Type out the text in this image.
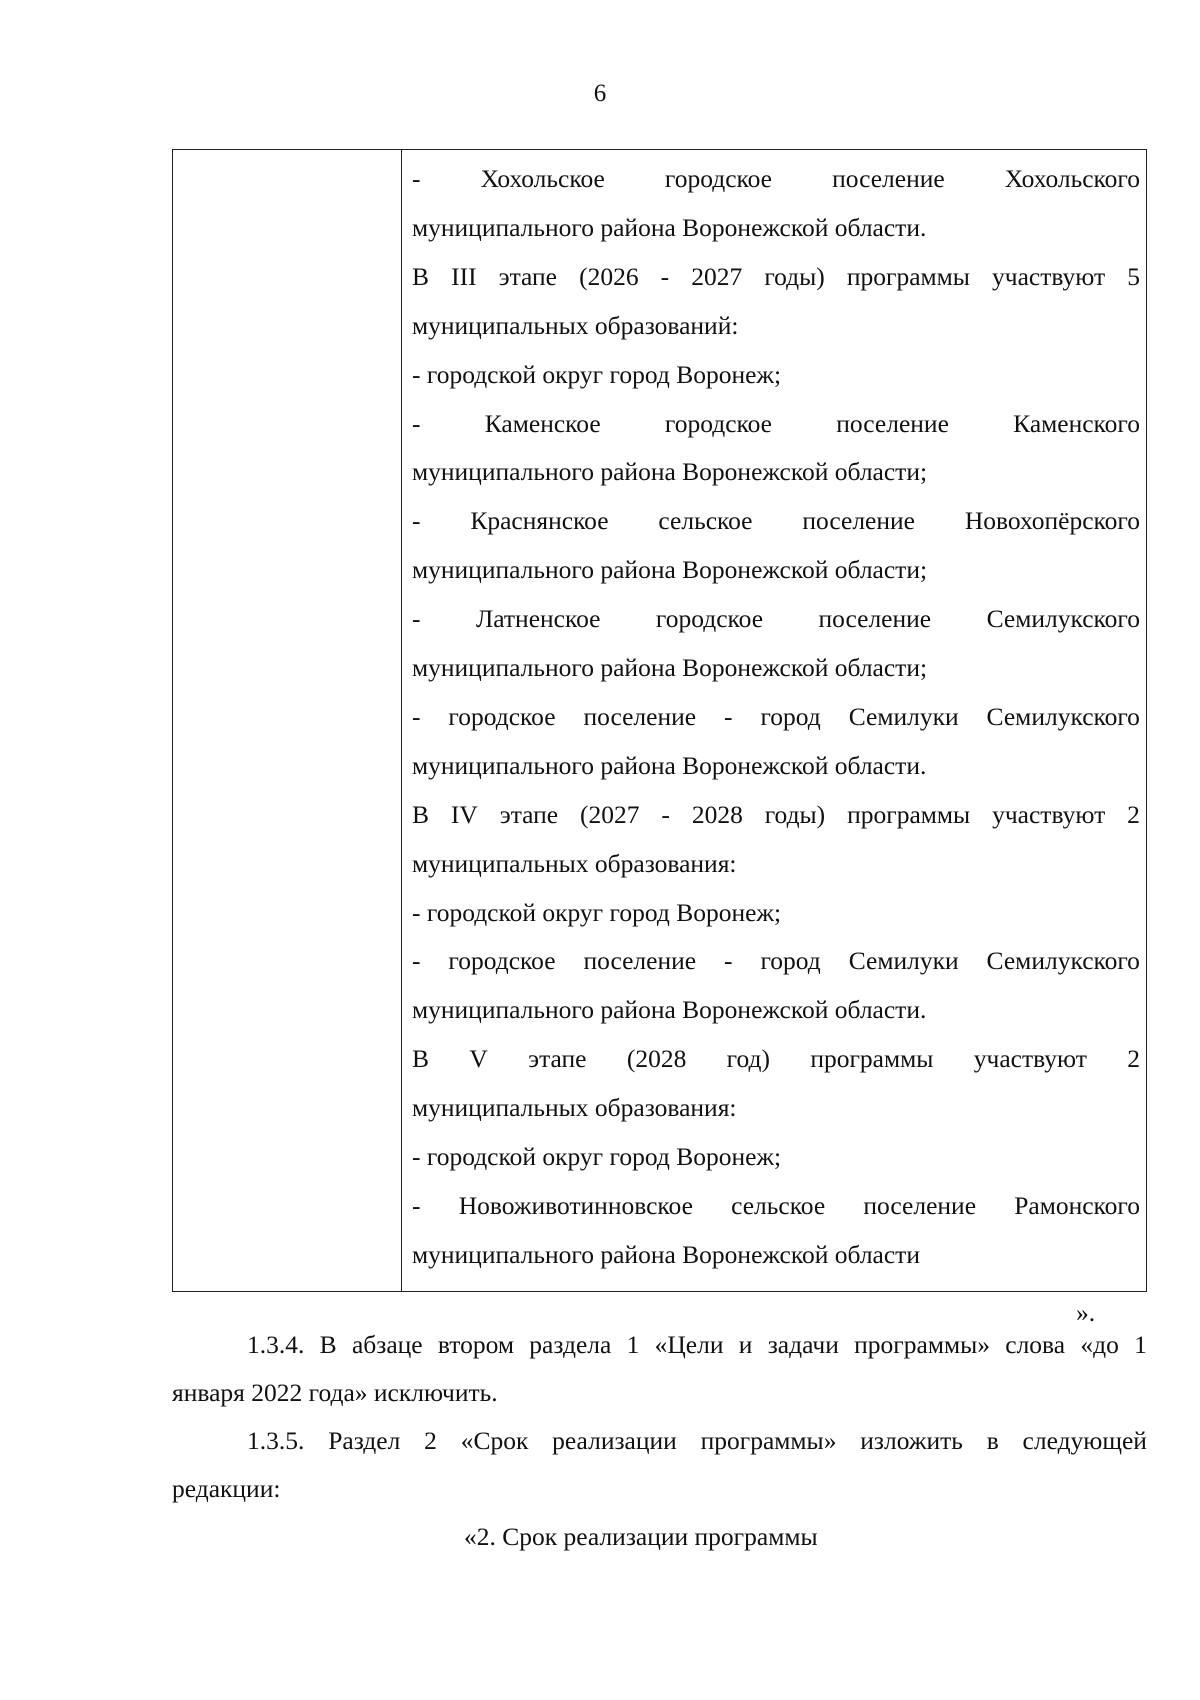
6
- Хохольское городское поселение Хохольского
муниципального района Воронежской области.
В III этапе (2026 - 2027 годы) программы участвуют 5
муниципальных образований:
- городской округ город Воронеж;
-	Каменское	городское	поселение	Каменского
муниципального района Воронежской области;
- Краснянское сельское поселение Новохопёрского
муниципального района Воронежской области;
- Латненское городское поселение Семилукского
муниципального района Воронежской области;
- городское поселение - город Семилуки Семилукского
муниципального района Воронежской области.
В IV этапе (2027 - 2028 годы) программы участвуют 2
муниципальных образования:
- городской округ город Воронеж;
- городское поселение - город Семилуки Семилукского
муниципального района Воронежской области.
В V этапе (2028 год) программы участвуют 2
муниципальных образования:
- городской округ город Воронеж;
- Новоживотинновское сельское поселение Рамонского
муниципального района Воронежской области
».
1.3.4. В абзаце втором раздела 1 «Цели и задачи программы» слова «до 1
января 2022 года» исключить.
1.3.5. Раздел 2 «Срок реализации программы» изложить в следующей
редакции:
«2. Срок реализации программы
